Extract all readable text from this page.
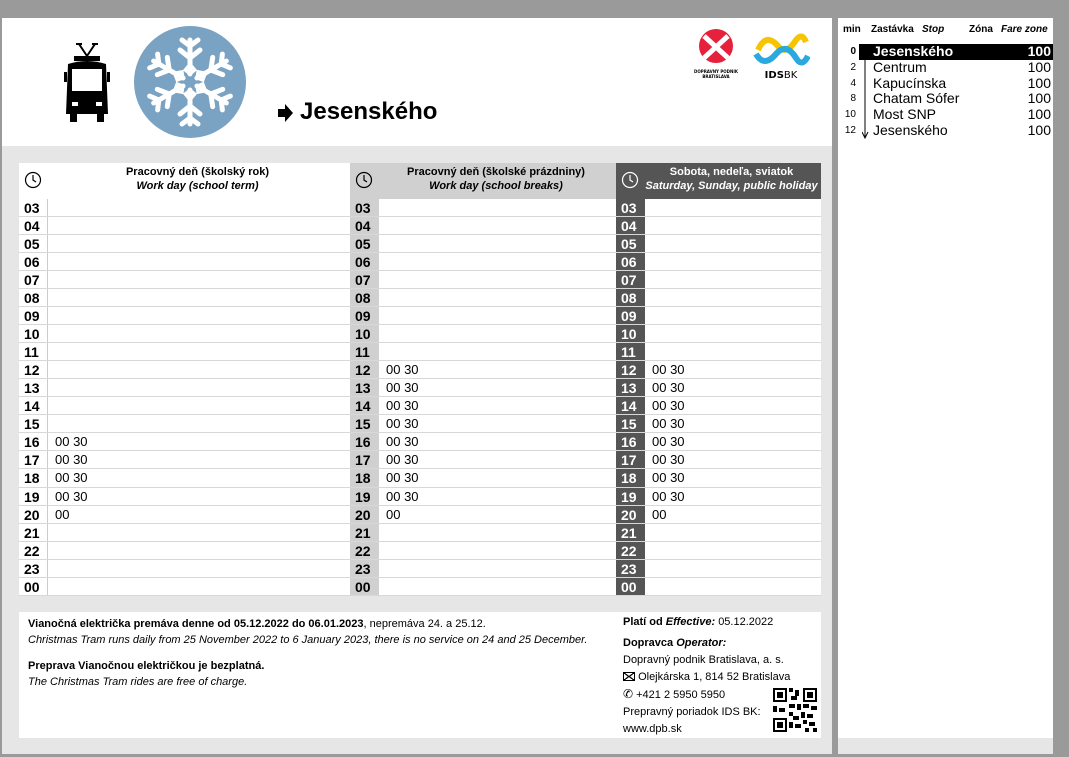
Jesenského
DOPRAVNÝ PODNIK
BRATISLAVA	IDSBK
Pracovný deň (školský rok)
Work day (school term)
Pracovný deň (školské prázdniny)
Work day (school breaks)
Sobota, nedeľa, sviatok
Saturday, Sunday, public holiday
03
04
05
06
07
08
09
10
11
12
13
14
15
16	00 30
17	00 30
18	00 30
19	00 30
20	00
21
22
23
00
03
04
05
06
07
08
09
10
11
12	00 30
13	00 30
14	00 30
15	00 30
16	00 30
17	00 30
18	00 30
19	00 30
20	00
21
22
23
00
03
04
05
06
07
08
09
10
11
12	00 30
13	00 30
14	00 30
15	00 30
16	00 30
17	00 30
18	00 30
19	00 30
20	00
21
22
23
00

Vianočná električka premáva denne od 05.12.2022 do 06.01.2023, nepremáva 24. a 25.12.

Christmas Tram runs daily from 25 November 2022 to 6 January 2023, there is no service on 24 and 25 December.

Preprava Vianočnou električkou je bezplatná.

The Christmas Tram rides are free of charge.

Platí od Effective: 05.12.2022
Dopravca Operator:
Dopravný podnik Bratislava, a. s.
Olejkárska 1, 814 52 Bratislava
✆ +421 2 5950 5950
Prepravný poriadok IDS BK:
www.dpb.sk
min Zastávka Stop Zóna Fare zone
0 Jesenského	100
2 Centrum	100
4 Kapucínska	100
8 Chatam Sófer	100
10 Most SNP	100
12 Jesenského	100
